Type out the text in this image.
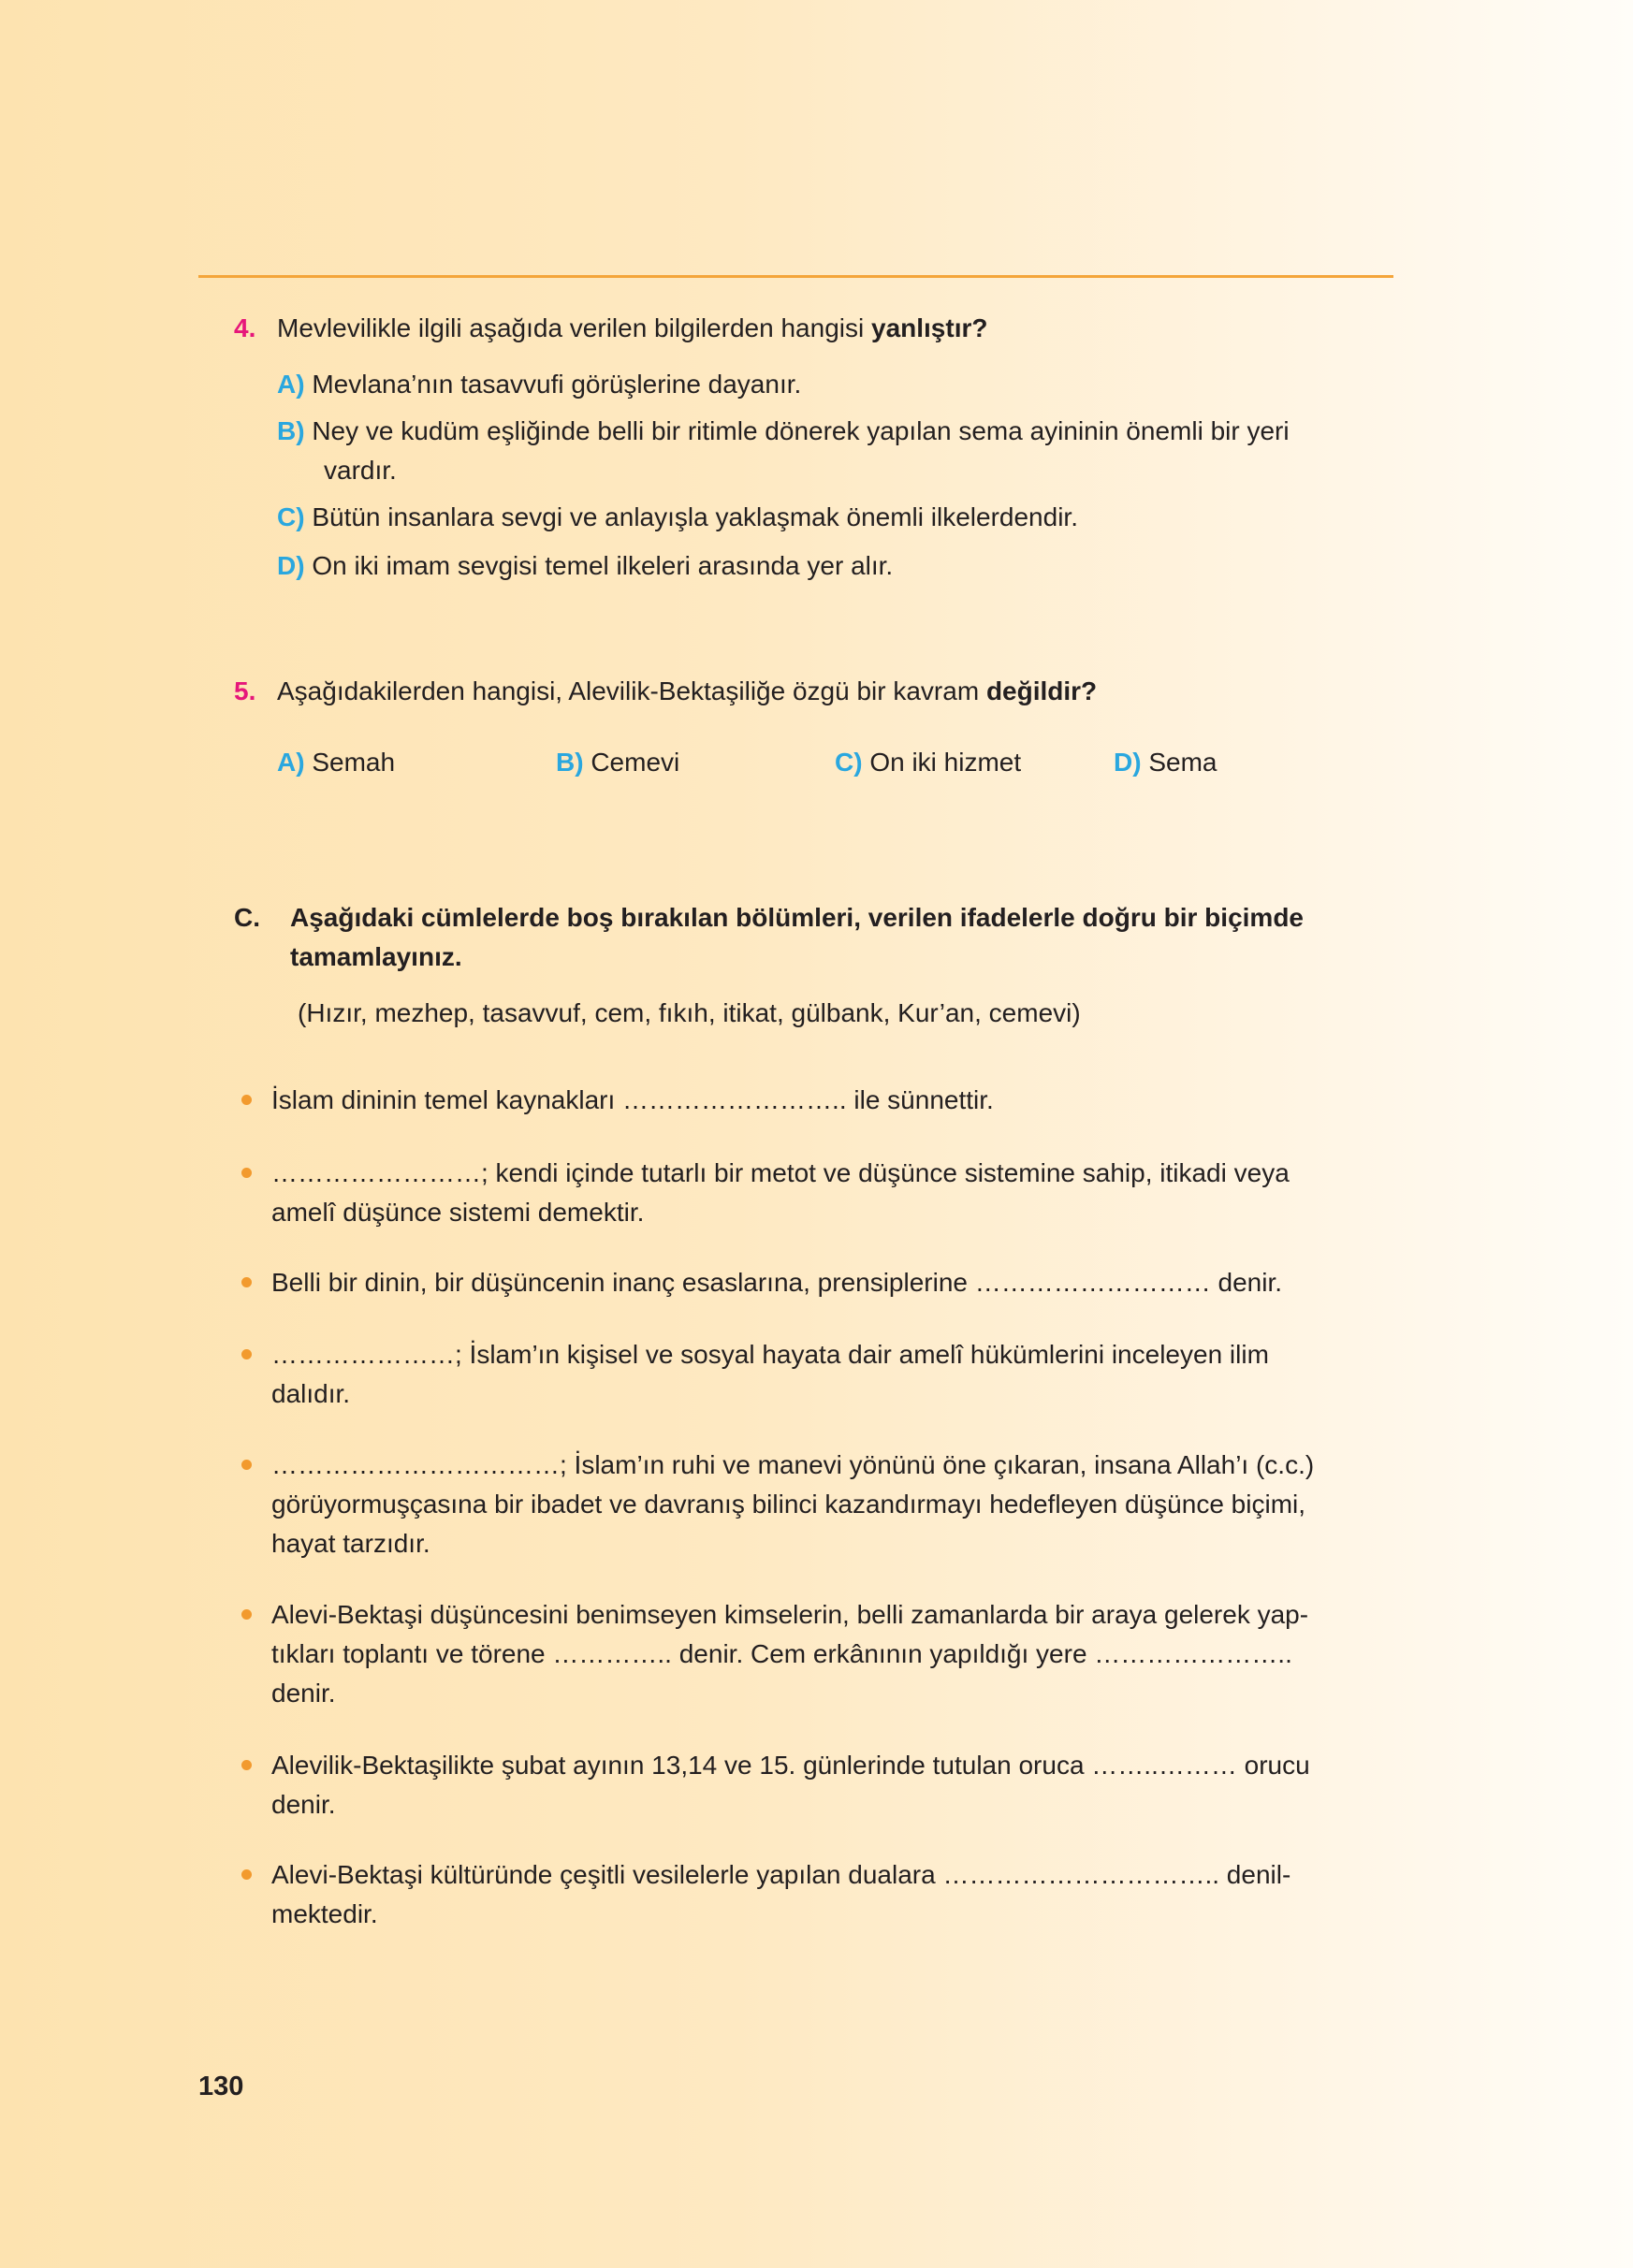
4. Mevlevilikle ilgili aşağıda verilen bilgilerden hangisi yanlıştır?
A) Mevlana’nın tasavvufi görüşlerine dayanır.
B) Ney ve kudüm eşliğinde belli bir ritimle dönerek yapılan sema ayininin önemli bir yeri
vardır.
C) Bütün insanlara sevgi ve anlayışla yaklaşmak önemli ilkelerdendir.
D) On iki imam sevgisi temel ilkeleri arasında yer alır.
5. Aşağıdakilerden hangisi, Alevilik-Bektaşiliğe özgü bir kavram değildir?
A) Semah	B) Cemevi	C) On iki hizmet	D) Sema
C. Aşağıdaki cümlelerde boş bırakılan bölümleri, verilen ifadelerle doğru bir biçimde
tamamlayınız.
(Hızır, mezhep, tasavvuf, cem, fıkıh, itikat, gülbank, Kur’an, cemevi)
İslam dininin temel kaynakları …………………….. ile sünnettir.
……………………; kendi içinde tutarlı bir metot ve düşünce sistemine sahip, itikadi veya
amelî düşünce sistemi demektir.
Belli bir dinin, bir düşüncenin inanç esaslarına, prensiplerine ……………………… denir.
…………………; İslam’ın kişisel ve sosyal hayata dair amelî hükümlerini inceleyen ilim
dalıdır.
……………………………; İslam’ın ruhi ve manevi yönünü öne çıkaran, insana Allah’ı (c.c.)
görüyormuşçasına bir ibadet ve davranış bilinci kazandırmayı hedefleyen düşünce biçimi,
hayat tarzıdır.
Alevi-Bektaşi düşüncesini benimseyen kimselerin, belli zamanlarda bir araya gelerek yap-
tıkları toplantı ve törene ………….. denir. Cem erkânının yapıldığı yere …………………..
denir.
Alevilik-Bektaşilikte şubat ayının 13,14 ve 15. günlerinde tutulan oruca ……..……… orucu
denir.
Alevi-Bektaşi kültüründe çeşitli vesilelerle yapılan dualara ………………………….. denil-
mektedir.
130
